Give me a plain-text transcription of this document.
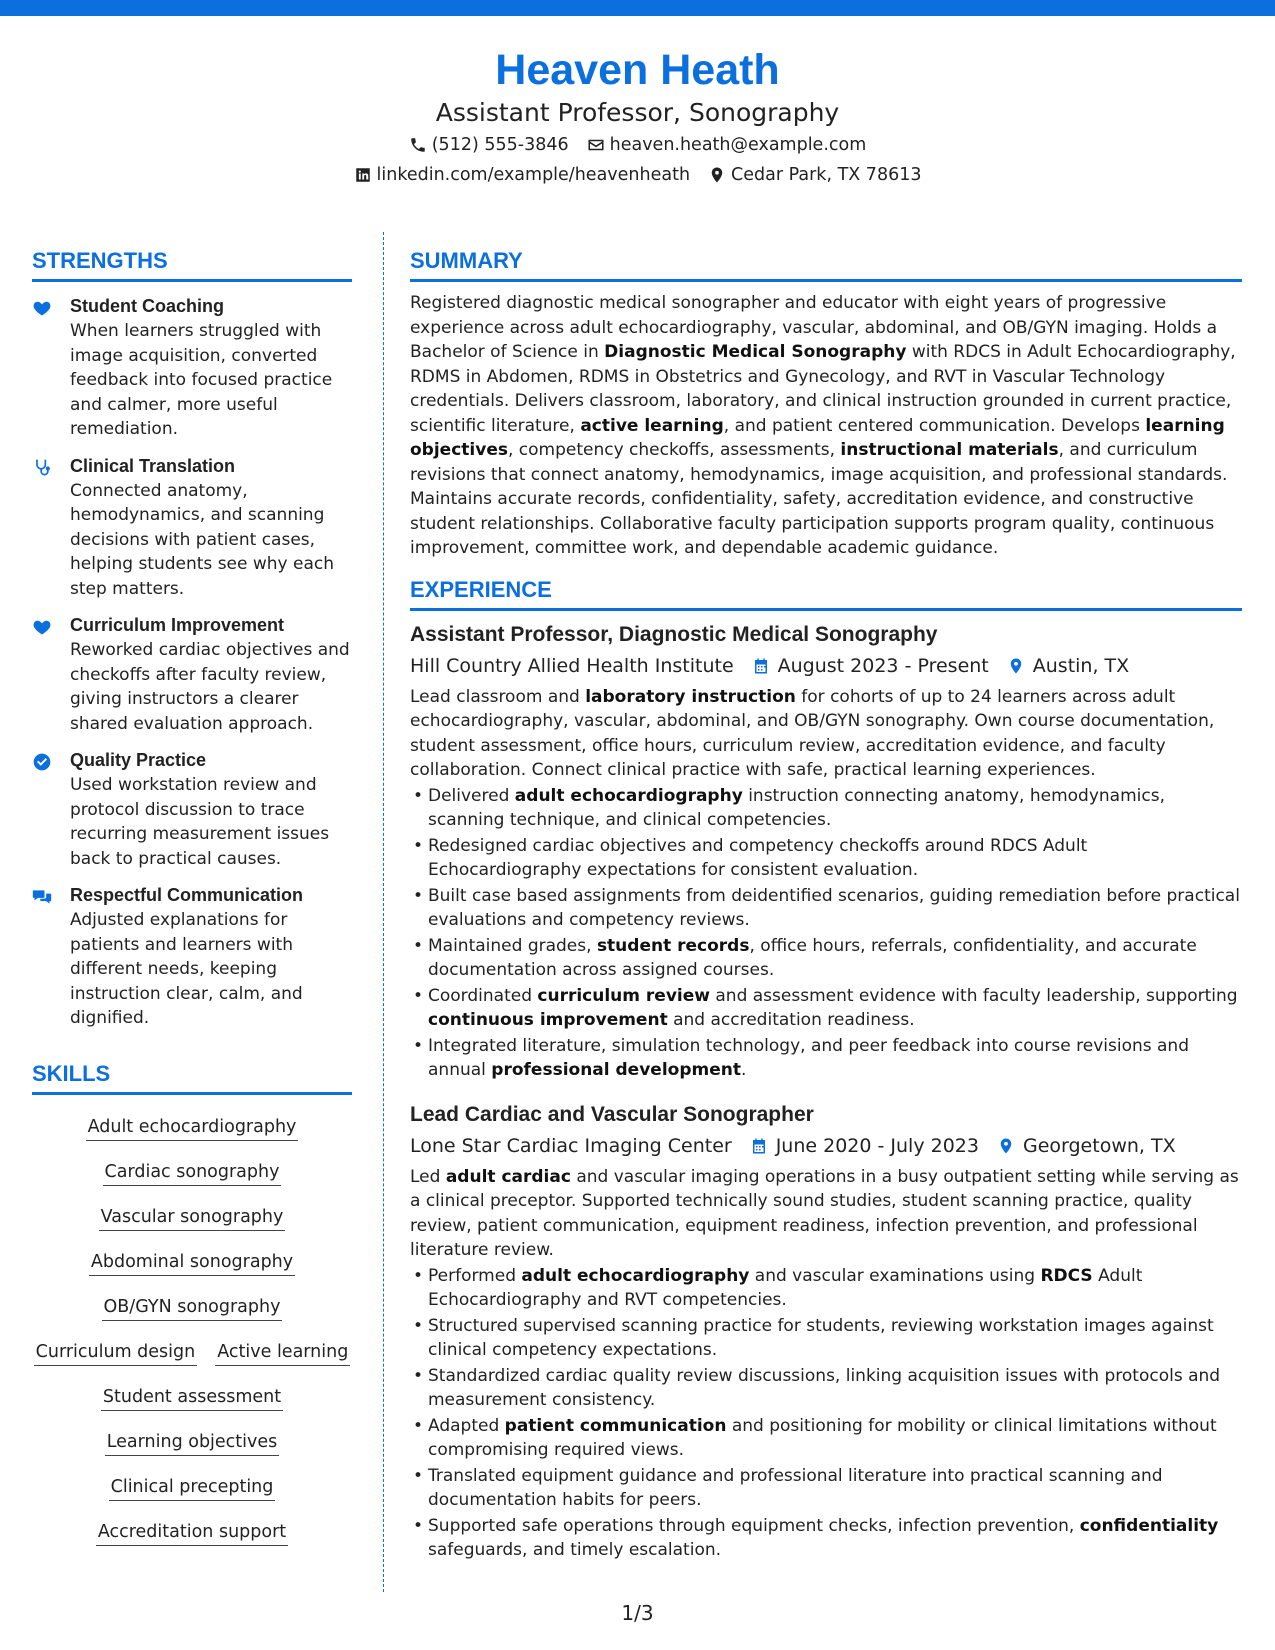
Heaven Heath
Assistant Professor, Sonography
(512) 555-3846 heaven.heath@example.com
linkedin.com/example/heavenheath Cedar Park, TX 78613
STRENGTHS
Student Coaching
When learners struggled with image acquisition, converted feedback into focused practice and calmer, more useful remediation.
Clinical Translation
Connected anatomy, hemodynamics, and scanning decisions with patient cases, helping students see why each step matters.
Curriculum Improvement
Reworked cardiac objectives and checkoffs after faculty review, giving instructors a clearer shared evaluation approach.
Quality Practice
Used workstation review and protocol discussion to trace recurring measurement issues back to practical causes.
Respectful Communication
Adjusted explanations for patients and learners with different needs, keeping instruction clear, calm, and dignified.
SKILLS
Adult echocardiography
Cardiac sonography
Vascular sonography
Abdominal sonography
OB/GYN sonography
Curriculum design Active learning
Student assessment
Learning objectives
Clinical precepting
Accreditation support
SUMMARY
Registered diagnostic medical sonographer and educator with eight years of progressive experience across adult echocardiography, vascular, abdominal, and OB/GYN imaging. Holds a Bachelor of Science in Diagnostic Medical Sonography with RDCS in Adult Echocardiography, RDMS in Abdomen, RDMS in Obstetrics and Gynecology, and RVT in Vascular Technology credentials. Delivers classroom, laboratory, and clinical instruction grounded in current practice, scientific literature, active learning, and patient centered communication. Develops learning objectives, competency checkoffs, assessments, instructional materials, and curriculum revisions that connect anatomy, hemodynamics, image acquisition, and professional standards. Maintains accurate records, confidentiality, safety, accreditation evidence, and constructive student relationships. Collaborative faculty participation supports program quality, continuous improvement, committee work, and dependable academic guidance.
EXPERIENCE
Assistant Professor, Diagnostic Medical Sonography
Hill Country Allied Health Institute August 2023 - Present Austin, TX
Lead classroom and laboratory instruction for cohorts of up to 24 learners across adult echocardiography, vascular, abdominal, and OB/GYN sonography. Own course documentation, student assessment, office hours, curriculum review, accreditation evidence, and faculty collaboration. Connect clinical practice with safe, practical learning experiences.
• Delivered adult echocardiography instruction connecting anatomy, hemodynamics, scanning technique, and clinical competencies.
• Redesigned cardiac objectives and competency checkoffs around RDCS Adult Echocardiography expectations for consistent evaluation.
• Built case based assignments from deidentified scenarios, guiding remediation before practical evaluations and competency reviews.
• Maintained grades, student records, office hours, referrals, confidentiality, and accurate documentation across assigned courses.
• Coordinated curriculum review and assessment evidence with faculty leadership, supporting continuous improvement and accreditation readiness.
• Integrated literature, simulation technology, and peer feedback into course revisions and annual professional development.
Lead Cardiac and Vascular Sonographer
Lone Star Cardiac Imaging Center June 2020 - July 2023 Georgetown, TX
Led adult cardiac and vascular imaging operations in a busy outpatient setting while serving as a clinical preceptor. Supported technically sound studies, student scanning practice, quality review, patient communication, equipment readiness, infection prevention, and professional literature review.
• Performed adult echocardiography and vascular examinations using RDCS Adult Echocardiography and RVT competencies.
• Structured supervised scanning practice for students, reviewing workstation images against clinical competency expectations.
• Standardized cardiac quality review discussions, linking acquisition issues with protocols and measurement consistency.
• Adapted patient communication and positioning for mobility or clinical limitations without compromising required views.
• Translated equipment guidance and professional literature into practical scanning and documentation habits for peers.
• Supported safe operations through equipment checks, infection prevention, confidentiality safeguards, and timely escalation.
1/3
